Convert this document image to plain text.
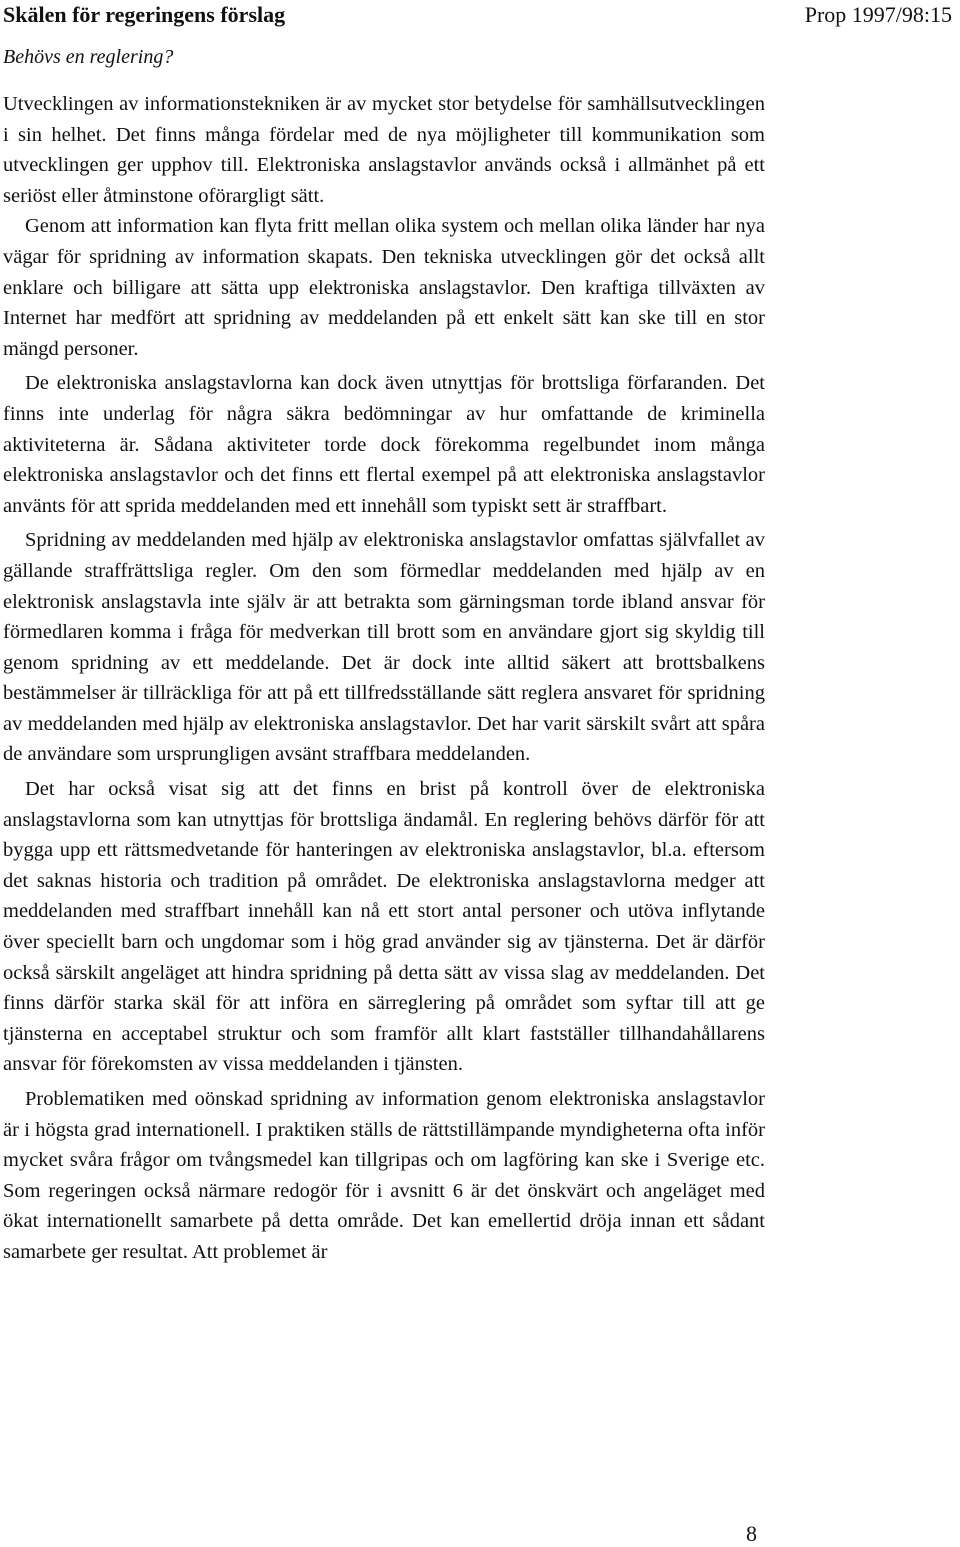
Skälen för regeringens förslag	Prop 1997/98:15
Behövs en reglering?

Utvecklingen av informationstekniken är av mycket stor betydelse för samhällsutvecklingen i sin helhet. Det finns många fördelar med de nya möjligheter till kommunikation som utvecklingen ger upphov till. Elektroniska anslagstavlor används också i allmänhet på ett seriöst eller åtminstone oförargligt sätt.

Genom att information kan flyta fritt mellan olika system och mellan olika länder har nya vägar för spridning av information skapats. Den tekniska utvecklingen gör det också allt enklare och billigare att sätta upp elektroniska anslagstavlor. Den kraftiga tillväxten av Internet har medfört att spridning av meddelanden på ett enkelt sätt kan ske till en stor mängd personer.

De elektroniska anslagstavlorna kan dock även utnyttjas för brottsliga förfaranden. Det finns inte underlag för några säkra bedömningar av hur omfattande de kriminella aktiviteterna är. Sådana aktiviteter torde dock förekomma regelbundet inom många elektroniska anslagstavlor och det finns ett flertal exempel på att elektroniska anslagstavlor använts för att sprida meddelanden med ett innehåll som typiskt sett är straffbart.

Spridning av meddelanden med hjälp av elektroniska anslagstavlor omfattas självfallet av gällande straffrättsliga regler. Om den som förmedlar meddelanden med hjälp av en elektronisk anslagstavla inte själv är att betrakta som gärningsman torde ibland ansvar för förmedlaren komma i fråga för medverkan till brott som en användare gjort sig skyldig till genom spridning av ett meddelande. Det är dock inte alltid säkert att brottsbalkens bestämmelser är tillräckliga för att på ett tillfredsställande sätt reglera ansvaret för spridning av meddelanden med hjälp av elektroniska anslagstavlor. Det har varit särskilt svårt att spåra de användare som ursprungligen avsänt straffbara meddelanden.

Det har också visat sig att det finns en brist på kontroll över de elektroniska anslagstavlorna som kan utnyttjas för brottsliga ändamål. En reglering behövs därför för att bygga upp ett rättsmedvetande för hanteringen av elektroniska anslagstavlor, bl.a. eftersom det saknas historia och tradition på området. De elektroniska anslagstavlorna medger att meddelanden med straffbart innehåll kan nå ett stort antal personer och utöva inflytande över speciellt barn och ungdomar som i hög grad använder sig av tjänsterna. Det är därför också särskilt angeläget att hindra spridning på detta sätt av vissa slag av meddelanden. Det finns därför starka skäl för att införa en särreglering på området som syftar till att ge tjänsterna en acceptabel struktur och som framför allt klart fastställer tillhandahållarens ansvar för förekomsten av vissa meddelanden i tjänsten.

Problematiken med oönskad spridning av information genom elektroniska anslagstavlor är i högsta grad internationell. I praktiken ställs de rättstillämpande myndigheterna ofta inför mycket svåra frågor om tvångsmedel kan tillgripas och om lagföring kan ske i Sverige etc. Som regeringen också närmare redogör för i avsnitt 6 är det önskvärt och angeläget med ökat internationellt samarbete på detta område. Det kan emellertid dröja innan ett sådant samarbete ger resultat. Att problemet är

8
